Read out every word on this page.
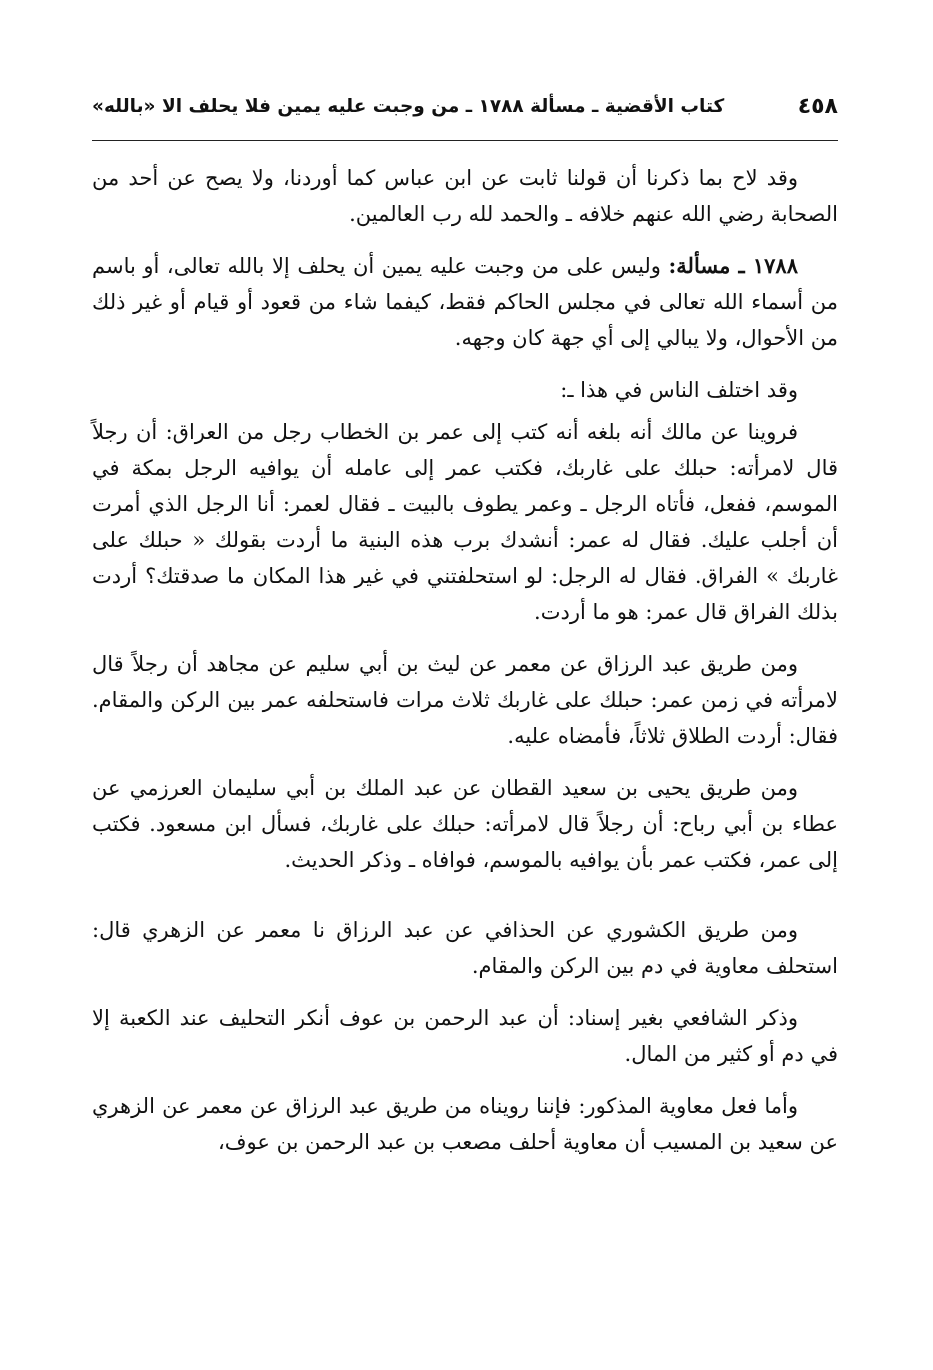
٤٥٨
كتاب الأقضية ـ مسألة ١٧٨٨ ـ من وجبت عليه يمين فلا يحلف الا «بالله»

وقد لاح بما ذكرنا أن قولنا ثابت عن ابن عباس كما أوردنا، ولا يصح عن أحد من الصحابة رضي الله عنهم خلافه ـ والحمد لله رب العالمين.

١٧٨٨ ـ مسألة: وليس على من وجبت عليه يمين أن يحلف إلا بالله تعالى، أو باسم من أسماء الله تعالى في مجلس الحاكم فقط، كيفما شاء من قعود أو قيام أو غير ذلك من الأحوال، ولا يبالي إلى أي جهة كان وجهه.

وقد اختلف الناس في هذا ـ:

فروينا عن مالك أنه بلغه أنه كتب إلى عمر بن الخطاب رجل من العراق: أن رجلاً قال لامرأته: حبلك على غاربك، فكتب عمر إلى عامله أن يوافيه الرجل بمكة في الموسم، ففعل، فأتاه الرجل ـ وعمر يطوف بالبيت ـ فقال لعمر: أنا الرجل الذي أمرت أن أجلب عليك. فقال له عمر: أنشدك برب هذه البنية ما أردت بقولك « حبلك على غاربك » الفراق. فقال له الرجل: لو استحلفتني في غير هذا المكان ما صدقتك؟ أردت بذلك الفراق قال عمر: هو ما أردت.

ومن طريق عبد الرزاق عن معمر عن ليث بن أبي سليم عن مجاهد أن رجلاً قال لامرأته في زمن عمر: حبلك على غاربك ثلاث مرات فاستحلفه عمر بين الركن والمقام. فقال: أردت الطلاق ثلاثاً، فأمضاه عليه.

ومن طريق يحيى بن سعيد القطان عن عبد الملك بن أبي سليمان العرزمي عن عطاء بن أبي رباح: أن رجلاً قال لامرأته: حبلك على غاربك، فسأل ابن مسعود. فكتب إلى عمر، فكتب عمر بأن يوافيه بالموسم، فوافاه ـ وذكر الحديث.

ومن طريق الكشوري عن الحذافي عن عبد الرزاق نا معمر عن الزهري قال: استحلف معاوية في دم بين الركن والمقام.

وذكر الشافعي بغير إسناد: أن عبد الرحمن بن عوف أنكر التحليف عند الكعبة إلا في دم أو كثير من المال.

وأما فعل معاوية المذكور: فإننا رويناه من طريق عبد الرزاق عن معمر عن الزهري عن سعيد بن المسيب أن معاوية أحلف مصعب بن عبد الرحمن بن عوف،
